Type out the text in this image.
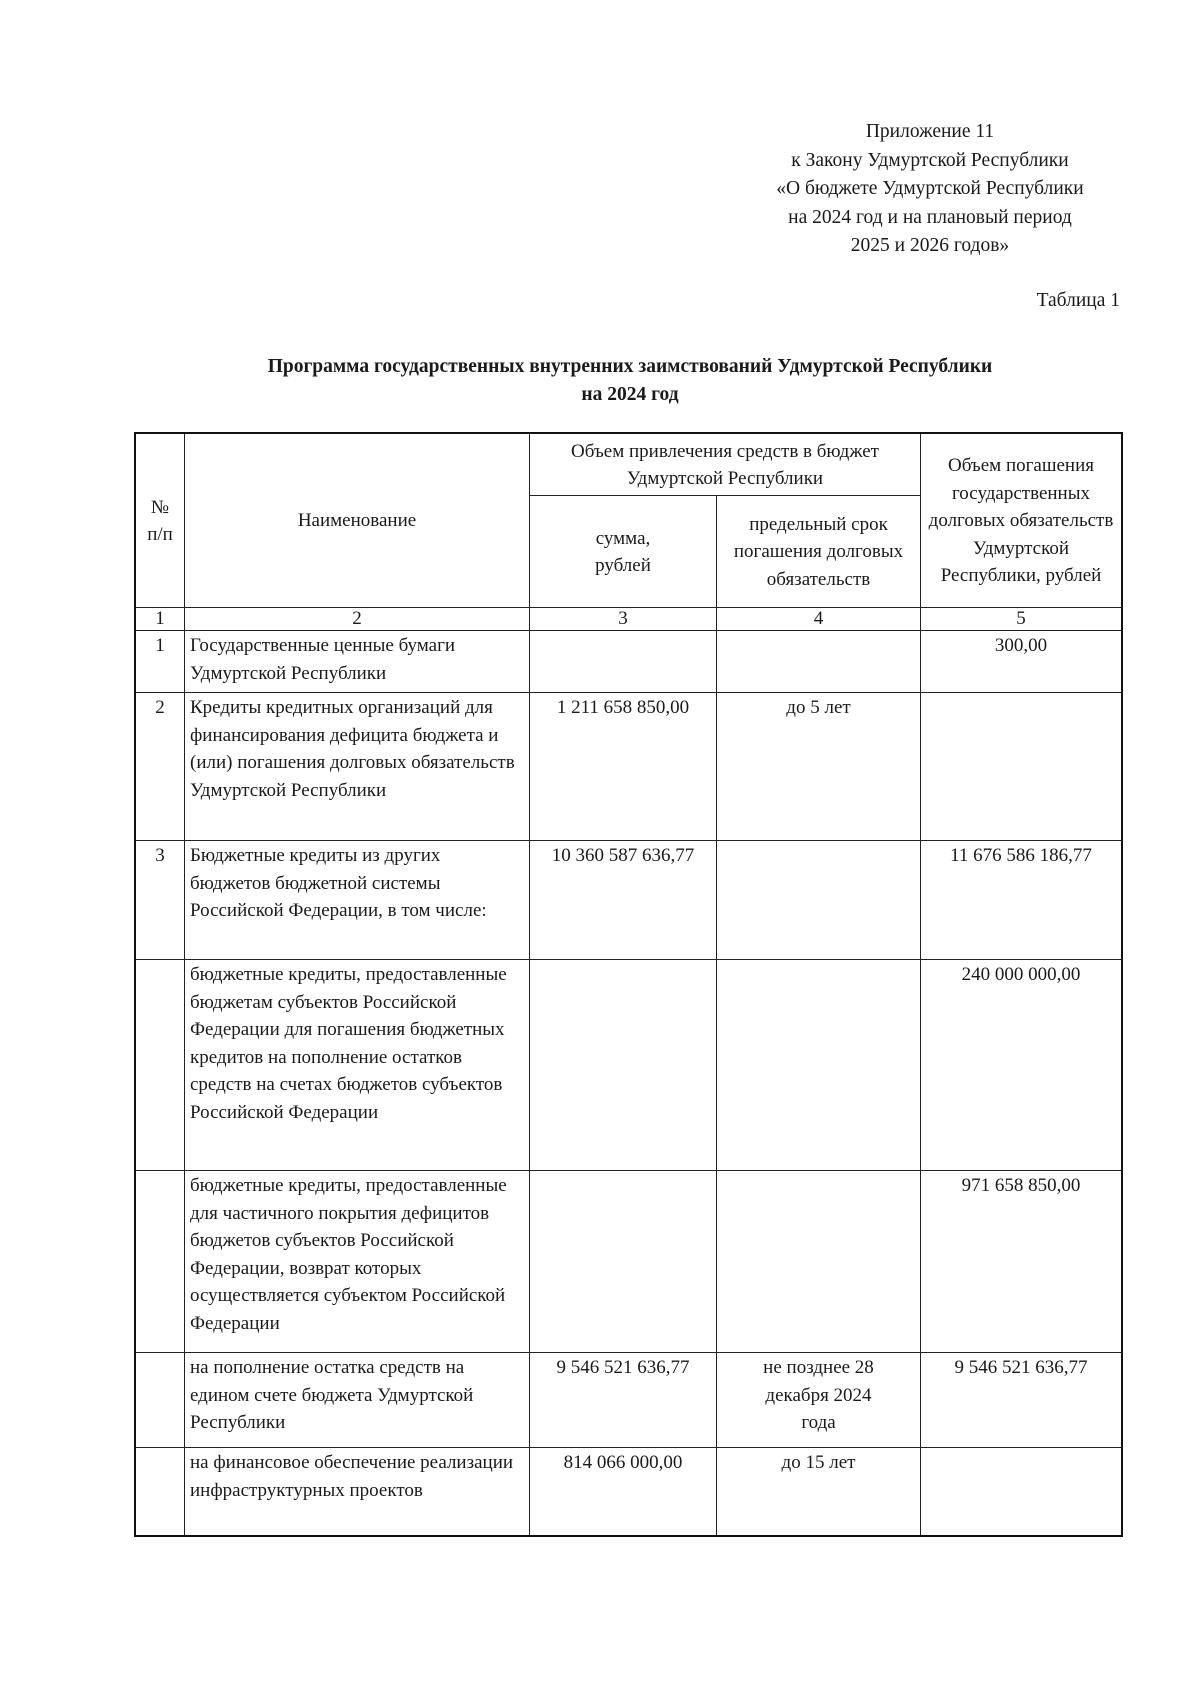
Приложение 11
к Закону Удмуртской Республики
«О бюджете Удмуртской Республики
на 2024 год и на плановый период
2025 и 2026 годов»
Таблица 1
Программа государственных внутренних заимствований Удмуртской Республики
на 2024 год
№ п/п	Наименование	Объем привлечения средств в бюджет Удмуртской Республики		Объем погашения государственных долговых обязательств Удмуртской Республики, рублей
		сумма, рублей	предельный срок погашения долговых обязательств	
1	2	3	4	5
1	Государственные ценные бумаги Удмуртской Республики			300,00
2	Кредиты кредитных организаций для финансирования дефицита бюджета и (или) погашения долговых обязательств Удмуртской Республики	1 211 658 850,00	до 5 лет	
3	Бюджетные кредиты из других бюджетов бюджетной системы Российской Федерации, в том числе:	10 360 587 636,77		11 676 586 186,77
	бюджетные кредиты, предоставленные бюджетам субъектов Российской Федерации для погашения бюджетных кредитов на пополнение остатков средств на счетах бюджетов субъектов Российской Федерации			240 000 000,00
	бюджетные кредиты, предоставленные для частичного покрытия дефицитов бюджетов субъектов Российской Федерации, возврат которых осуществляется субъектом Российской Федерации			971 658 850,00
	на пополнение остатка средств на едином счете бюджета Удмуртской Республики	9 546 521 636,77	не позднее 28 декабря 2024 года	9 546 521 636,77
	на финансовое обеспечение реализации инфраструктурных проектов	814 066 000,00	до 15 лет	
